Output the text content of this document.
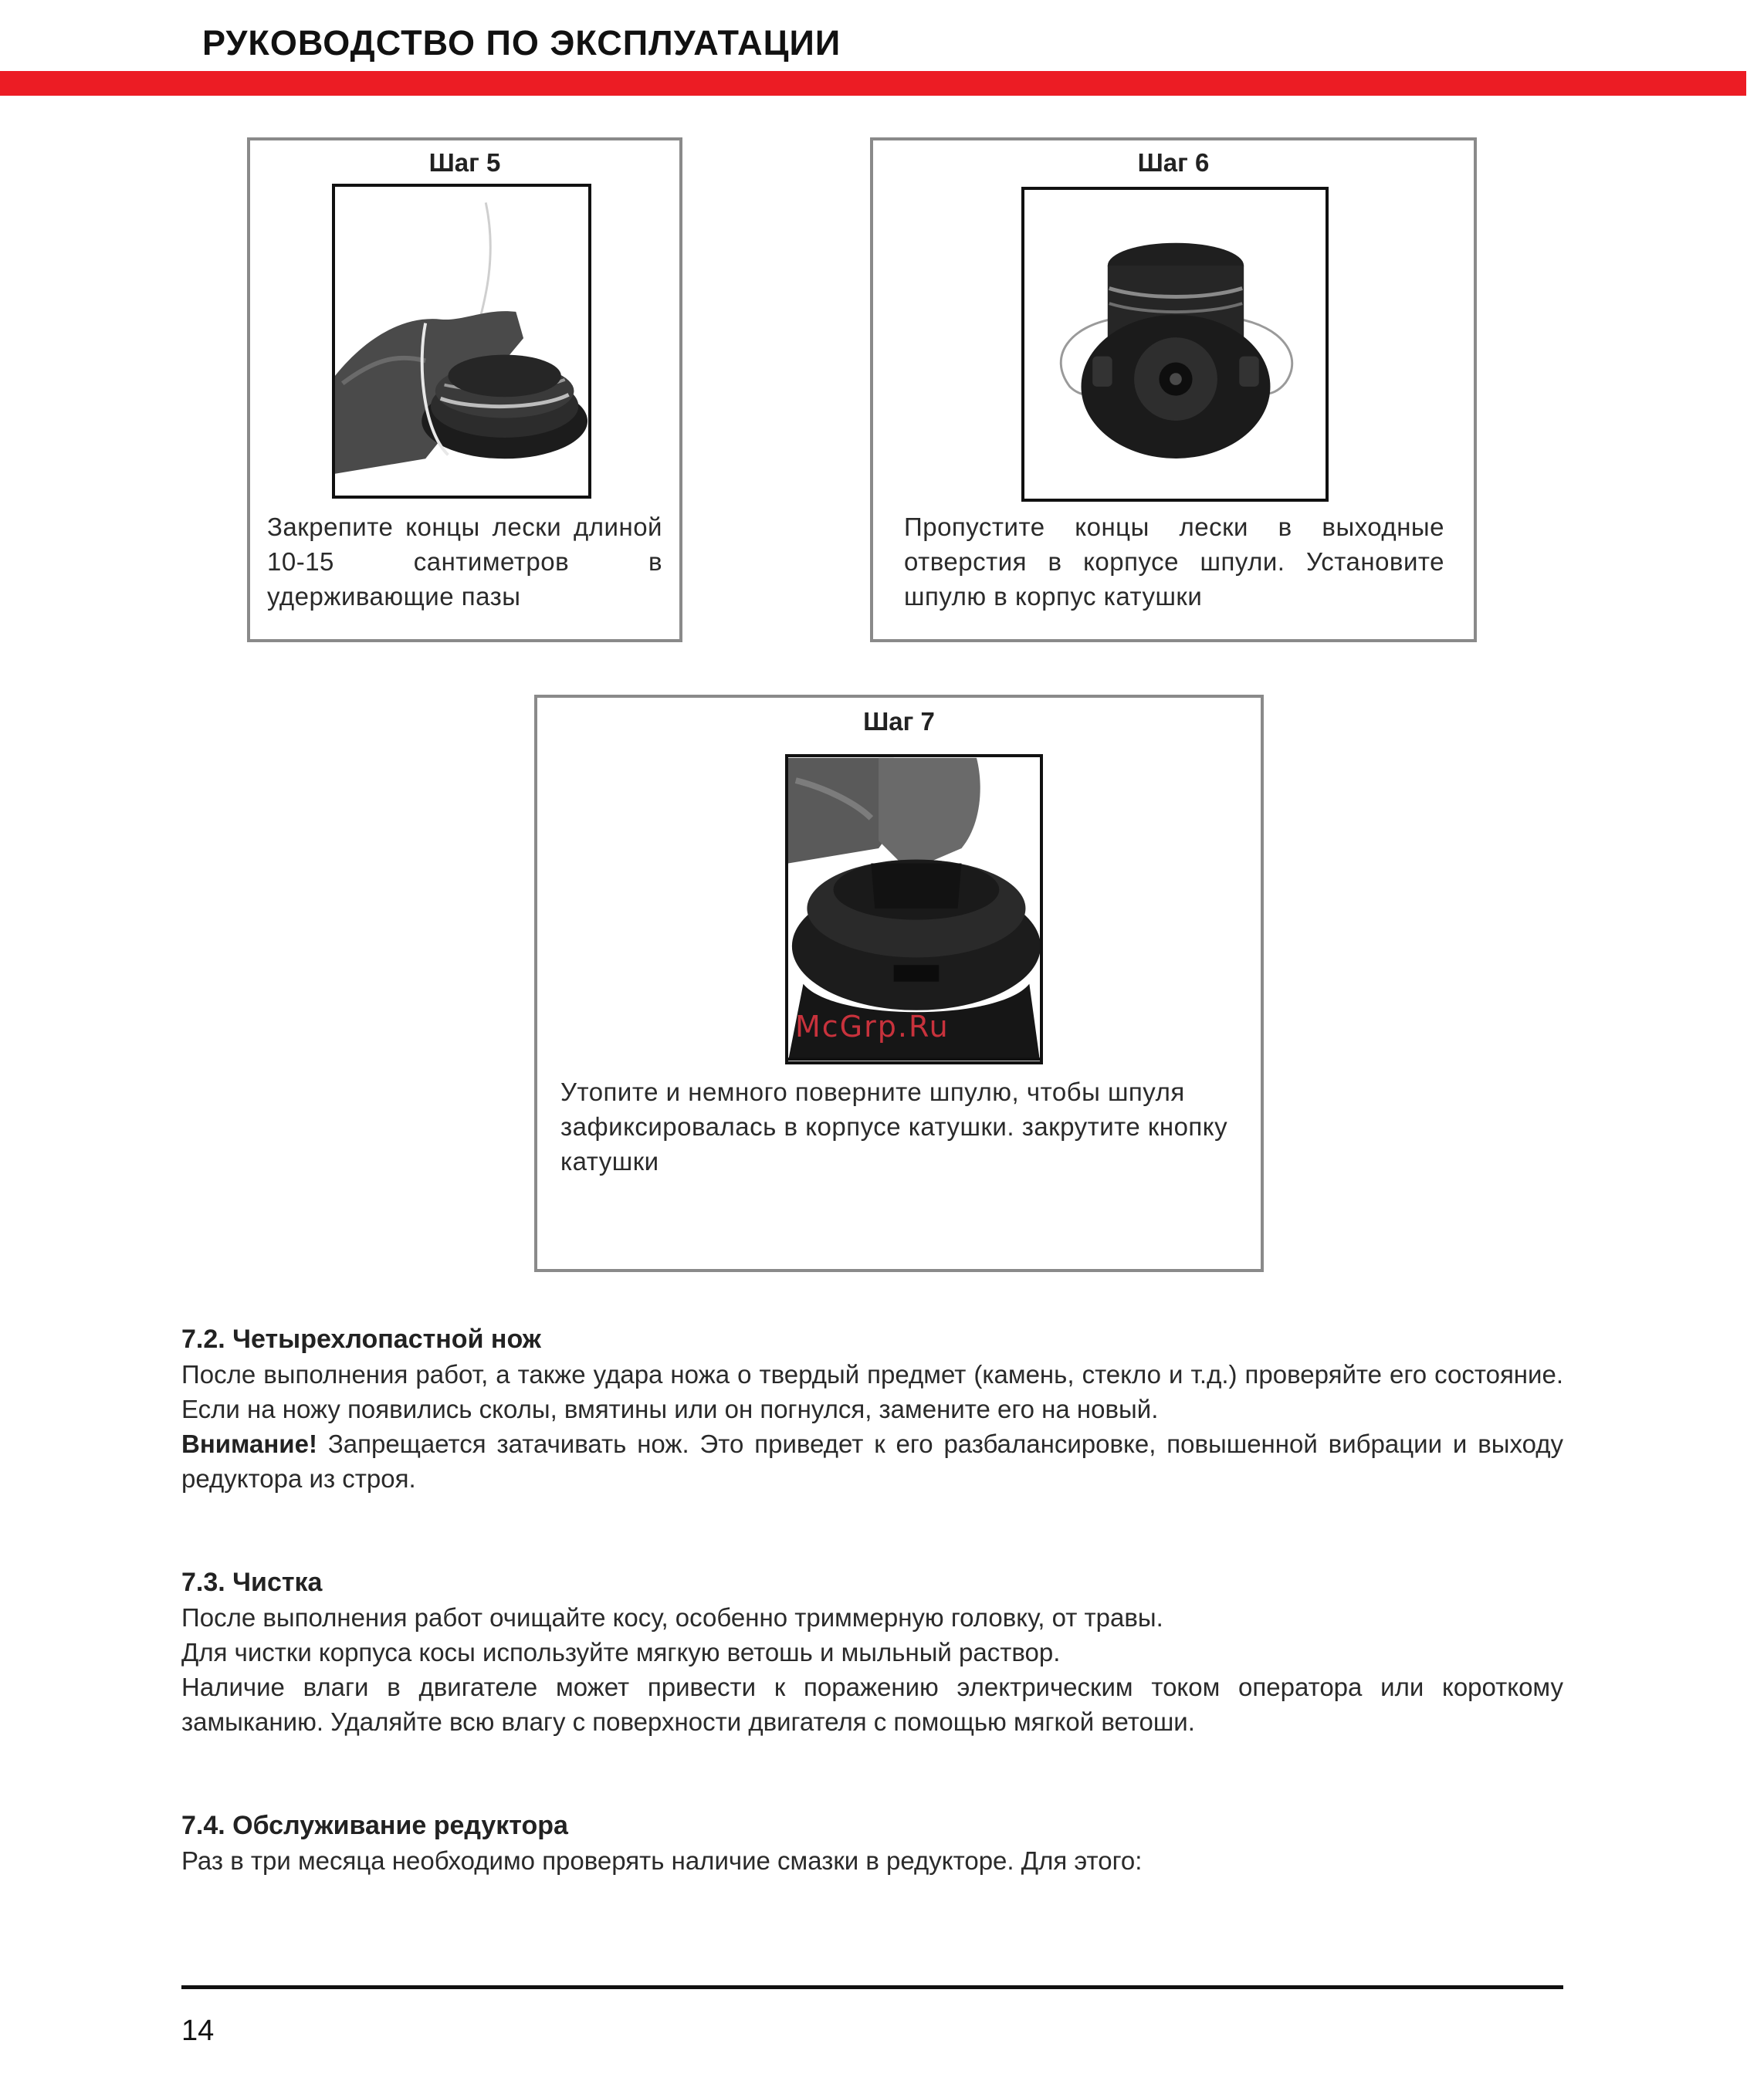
РУКОВОДСТВО ПО ЭКСПЛУАТАЦИИ
Шаг 5
Закрепите концы лески длиной 10-15 сантиметров в удерживающие пазы
Шаг 6
Пропустите концы лески в выходные отверстия в корпусе шпули. Установите шпулю в корпус катушки
Шаг 7
Утопите и немного поверните шпулю, чтобы шпуля зафиксировалась в корпусе катушки. закрутите кнопку катушки
McGrp.Ru
7.2. Четырехлопастной нож

После выполнения работ, а также удара ножа о твердый предмет (камень, стекло и т.д.) проверяйте его состояние. Если на ножу появились сколы, вмятины или он погнулся, замените его на новый.

Внимание! Запрещается затачивать нож. Это приведет к его разбалансировке, повышенной вибрации и выходу редуктора из строя.

7.3. Чистка

После выполнения работ очищайте косу, особенно триммерную головку, от травы.

Для чистки корпуса косы используйте мягкую ветошь и мыльный раствор.

Наличие влаги в двигателе может привести к поражению электрическим током оператора или короткому замыканию. Удаляйте всю влагу с поверхности двигателя с помощью мягкой ветоши.

7.4. Обслуживание редуктора

Раз в три месяца необходимо проверять наличие смазки в редукторе. Для этого:

14
